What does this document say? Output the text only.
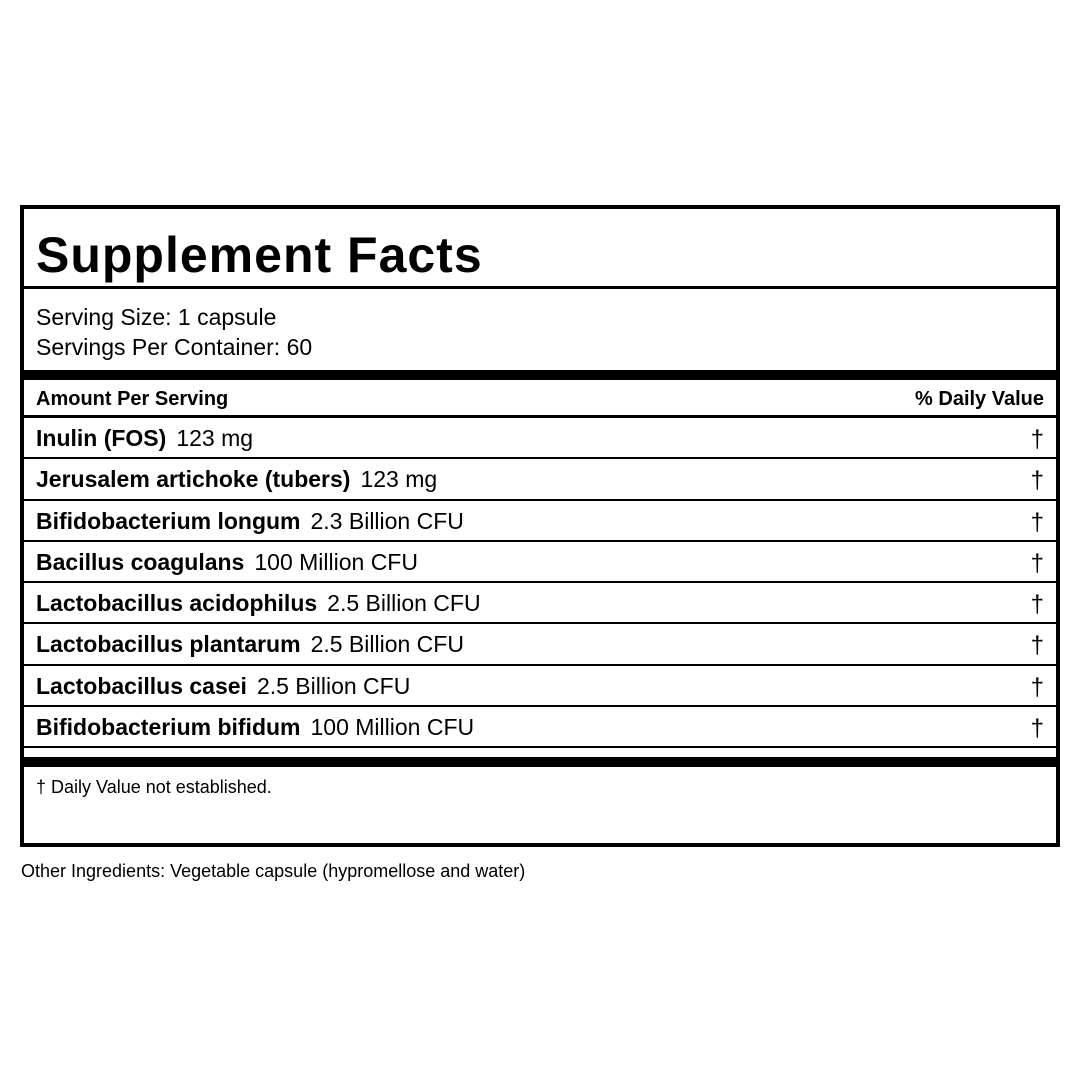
Supplement Facts
Serving Size: 1 capsule
Servings Per Container: 60
Amount Per Serving	% Daily Value
Inulin (FOS) 123 mg	†
Jerusalem artichoke (tubers) 123 mg	†
Bifidobacterium longum 2.3 Billion CFU	†
Bacillus coagulans 100 Million CFU	†
Lactobacillus acidophilus 2.5 Billion CFU	†
Lactobacillus plantarum 2.5 Billion CFU	†
Lactobacillus casei 2.5 Billion CFU	†
Bifidobacterium bifidum 100 Million CFU	†
† Daily Value not established.
Other Ingredients: Vegetable capsule (hypromellose and water)
